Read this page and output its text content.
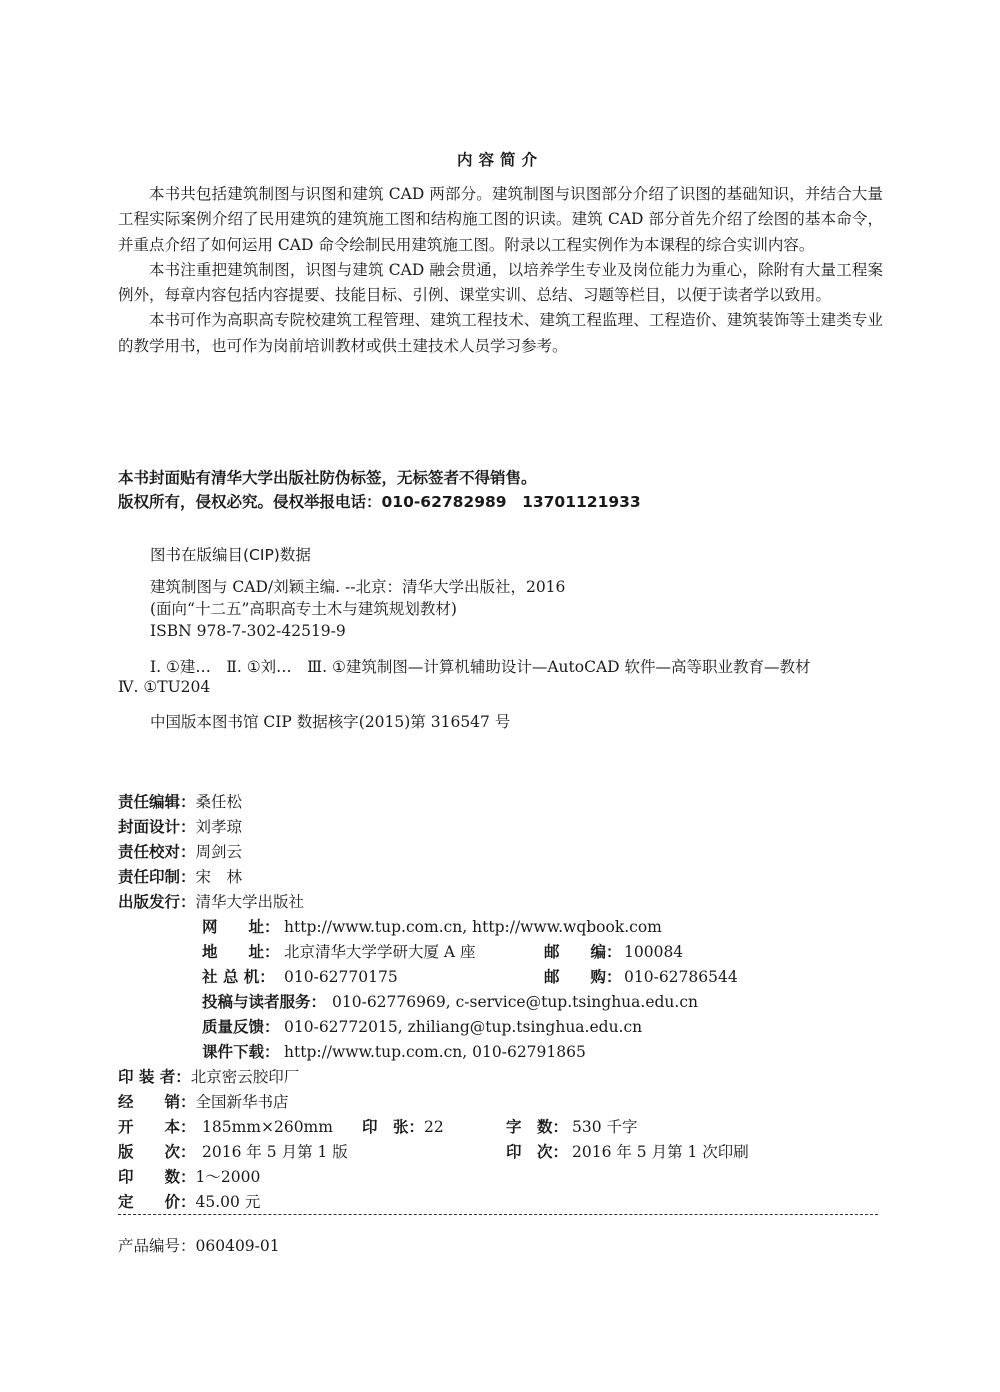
内容简介

本书共包括建筑制图与识图和建筑 CAD 两部分。建筑制图与识图部分介绍了识图的基础知识，并结合大量工程实际案例介绍了民用建筑的建筑施工图和结构施工图的识读。建筑 CAD 部分首先介绍了绘图的基本命令，并重点介绍了如何运用 CAD 命令绘制民用建筑施工图。附录以工程实例作为本课程的综合实训内容。

本书注重把建筑制图，识图与建筑 CAD 融会贯通，以培养学生专业及岗位能力为重心，除附有大量工程案例外，每章内容包括内容提要、技能目标、引例、课堂实训、总结、习题等栏目，以便于读者学以致用。

本书可作为高职高专院校建筑工程管理、建筑工程技术、建筑工程监理、工程造价、建筑装饰等土建类专业的教学用书，也可作为岗前培训教材或供土建技术人员学习参考。

本书封面贴有清华大学出版社防伪标签，无标签者不得销售。
版权所有，侵权必究。侵权举报电话：010-62782989　13701121933
图书在版编目(CIP)数据
建筑制图与 CAD/刘颖主编. --北京：清华大学出版社，2016
(面向“十二五”高职高专土木与建筑规划教材)
ISBN 978-7-302-42519-9
Ⅰ. ①建…　Ⅱ. ①刘…　Ⅲ. ①建筑制图—计算机辅助设计—AutoCAD 软件—高等职业教育—教材
Ⅳ. ①TU204
中国版本图书馆 CIP 数据核字(2015)第 316547 号
责任编辑：桑任松
封面设计：刘孝琼
责任校对：周剑云
责任印制：宋　林
出版发行：清华大学出版社
网　　址： http://www.tup.com.cn, http://www.wqbook.com
地　　址： 北京清华大学学研大厦 A 座	邮　　编： 100084
社 总 机： 010-62770175	邮　　购： 010-62786544
投稿与读者服务： 010-62776969, c-service@tup.tsinghua.edu.cn
质量反馈： 010-62772015, zhiliang@tup.tsinghua.edu.cn
课件下载： http://www.tup.com.cn, 010-62791865
印 装 者：北京密云胶印厂
经　　销：全国新华书店
开　　本： 185mm×260mm 印　张： 22	字　数： 530 千字
版　　次： 2016 年 5 月第 1 版	印　次： 2016 年 5 月第 1 次印刷
印　　数：1～2000
定　　价：45.00 元
产品编号：060409-01
